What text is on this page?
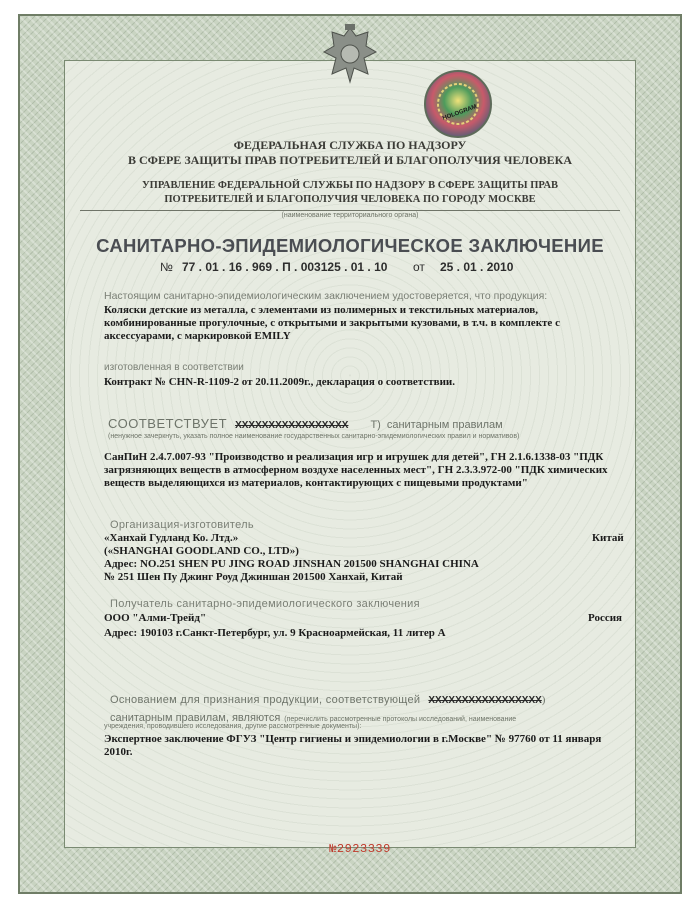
HOLOGRAM
ФЕДЕРАЛЬНАЯ СЛУЖБА ПО НАДЗОРУ
В СФЕРЕ ЗАЩИТЫ ПРАВ ПОТРЕБИТЕЛЕЙ И БЛАГОПОЛУЧИЯ ЧЕЛОВЕКА
УПРАВЛЕНИЕ ФЕДЕРАЛЬНОЙ СЛУЖБЫ ПО НАДЗОРУ В СФЕРЕ ЗАЩИТЫ ПРАВ
ПОТРЕБИТЕЛЕЙ И БЛАГОПОЛУЧИЯ ЧЕЛОВЕКА ПО ГОРОДУ МОСКВЕ
(наименование территориального органа)
САНИТАРНО-ЭПИДЕМИОЛОГИЧЕСКОЕ ЗАКЛЮЧЕНИЕ
№ 77 . 01 . 16 . 969 . П . 003125 . 01 . 10 от 25 . 01 . 2010
Настоящим санитарно-эпидемиологическим заключением удостоверяется, что продукция:
Коляски детские из металла, с элементами из полимерных и текстильных материалов, комбинированные прогулочные, с открытыми и закрытыми кузовами, в т.ч. в комплекте с аксессуарами, с маркировкой EMILY
изготовленная в соответствии
Контракт № CHN-R-1109-2 от 20.11.2009г., декларация о соответствии.
СООТВЕТСТВУЕТ XXXXXXXXXXXXXXXXX Т) санитарным правилам
(ненужное зачеркнуть, указать полное наименование государственных санитарно-эпидемиологических правил и нормативов)
СанПиН 2.4.7.007-93 "Производство и реализация игр и игрушек для детей", ГН 2.1.6.1338-03 "ПДК загрязняющих веществ в атмосферном воздухе населенных мест", ГН 2.3.3.972-00 "ПДК химических веществ выделяющихся из материалов, контактирующих с пищевыми продуктами"
Организация-изготовитель
«Ханхай Гудланд Ко. Лтд.»	Китай
(«SHANGHAI GOODLAND CO., LTD»)
Адрес: NO.251 SHEN PU JING ROAD JINSHAN 201500 SHANGHAI CHINA
№ 251 Шен Пу Джинг Роуд Джиншан 201500 Ханхай, Китай
Получатель санитарно-эпидемиологического заключения
ООО "Алми-Трейд"	Россия
Адрес: 190103 г.Санкт-Петербург, ул. 9 Красноармейская, 11 литер А
Основанием для признания продукции, соответствующей XXXXXXXXXXXXXXXXX)
санитарным правилам, являются (перечислить рассмотренные протоколы исследований, наименование
учреждения, проводившего исследования, другие рассмотренные документы):
Экспертное заключение ФГУЗ "Центр гигиены и эпидемиологии в г.Москве" № 97760 от 11 января 2010г.
№2923339
